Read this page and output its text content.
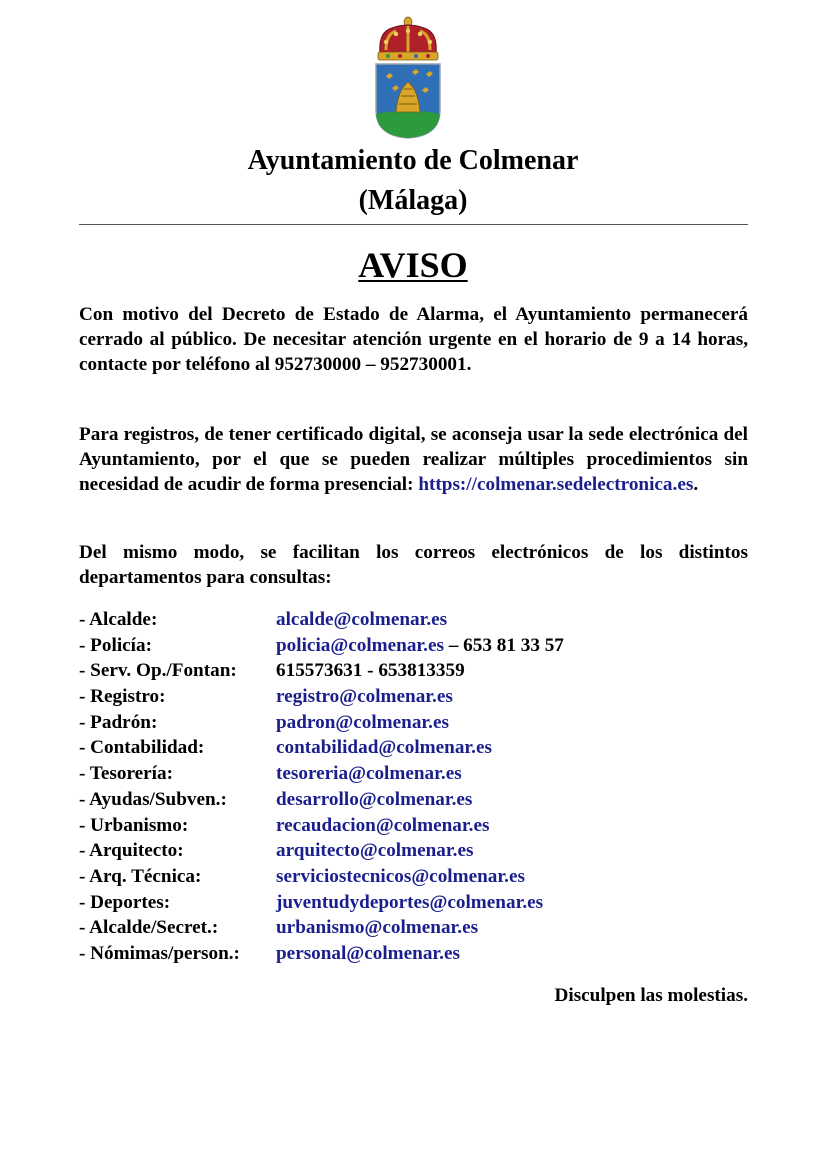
Ayuntamiento de Colmenar
(Málaga)
AVISO

Con motivo del Decreto de Estado de Alarma, el Ayuntamiento permanecerá cerrado al público. De necesitar atención urgente en el horario de 9 a 14 horas, contacte por teléfono al 952730000 – 952730001.

Para registros, de tener certificado digital, se aconseja usar la sede electrónica del Ayuntamiento, por el que se pueden realizar múltiples procedimientos sin necesidad de acudir de forma presencial: https://colmenar.sedelectronica.es.

Del mismo modo, se facilitan los correos electrónicos de los distintos departamentos para consultas:

- Alcalde:	alcalde@colmenar.es
- Policía:	policia@colmenar.es – 653 81 33 57
- Serv. Op./Fontan: 615573631 - 653813359
- Registro:	registro@colmenar.es
- Padrón:	padron@colmenar.es
- Contabilidad:	contabilidad@colmenar.es
- Tesorería:	tesoreria@colmenar.es
- Ayudas/Subven.:	desarrollo@colmenar.es
- Urbanismo:	recaudacion@colmenar.es
- Arquitecto:	arquitecto@colmenar.es
- Arq. Técnica:	serviciostecnicos@colmenar.es
- Deportes:	juventudydeportes@colmenar.es
- Alcalde/Secret.:	urbanismo@colmenar.es
- Nómimas/person.: personal@colmenar.es
Disculpen las molestias.
